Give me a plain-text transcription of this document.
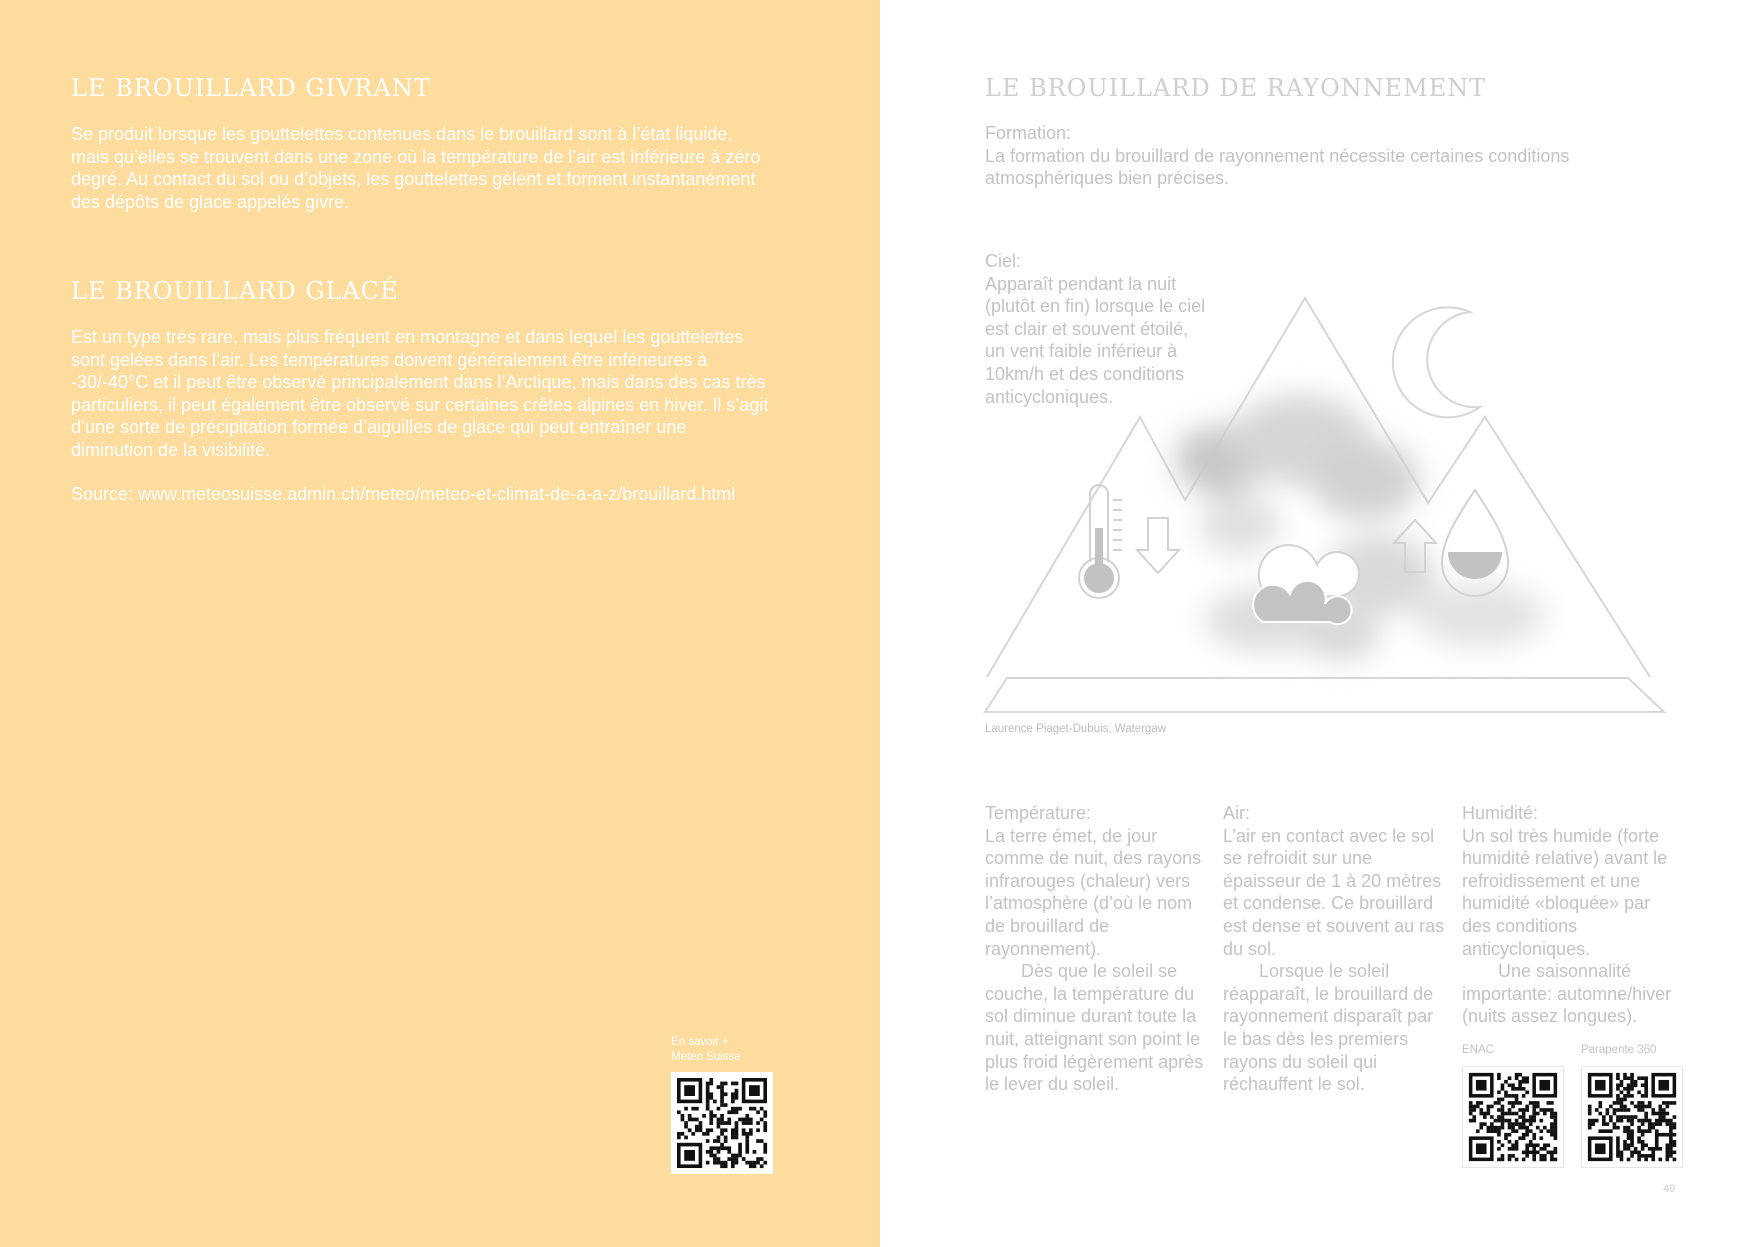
LE BROUILLARD GIVRANT

Se produit lorsque les gouttelettes contenues dans le brouillard sont à l’état liquide, mais qu’elles se trouvent dans une zone où la température de l’air est inférieure à zéro degré. Au contact du sol ou d’objets, les gouttelettes gèlent et forment instantanément des dépôts de glace appelés givre.

LE BROUILLARD GLACÉ

Est un type très rare, mais plus fréquent en montagne et dans lequel les gouttelettes sont gelées dans l’air. Les températures doivent généralement être inférieures à -30/-40°C et il peut être observé principalement dans l’Arctique, mais dans des cas très particuliers, il peut également être observé sur certaines crêtes alpines en hiver. Il s’agit d’une sorte de précipitation formée d’aiguilles de glace qui peut entraîner une diminution de la visibilité.

Source: www.meteosuisse.admin.ch/meteo/meteo-et-climat-de-a-a-z/brouillard.html

En savoir +
Meteo Suisse
LE BROUILLARD DE RAYONNEMENT

Formation:
La formation du brouillard de rayonnement nécessite certaines conditions atmosphériques bien précises.

Ciel:
Apparaît pendant la nuit (plutôt en fin) lorsque le ciel est clair et souvent étoilé, un vent faible inférieur à 10km/h et des conditions anticycloniques.

Laurence Piaget-Dubuis, Watergaw

Température:
La terre émet, de jour comme de nuit, des rayons infrarouges (chaleur) vers l’atmosphère (d’où le nom de brouillard de rayonnement).
Dès que le soleil se couche, la température du sol diminue durant toute la nuit, atteignant son point le plus froid légèrement après le lever du soleil.

Air:
L’air en contact avec le sol se refroidit sur une épaisseur de 1 à 20 mètres et condense. Ce brouillard est dense et souvent au ras du sol.
Lorsque le soleil réapparaît, le brouillard de rayonnement disparaît par le bas dès les premiers rayons du soleil qui réchauffent le sol.

Humidité:
Un sol très humide (forte humidité relative) avant le refroidissement et une humidité «bloquée» par des conditions anticycloniques.
Une saisonnalité importante: automne/hiver (nuits assez longues).

ENAC	Parapente 360
49
